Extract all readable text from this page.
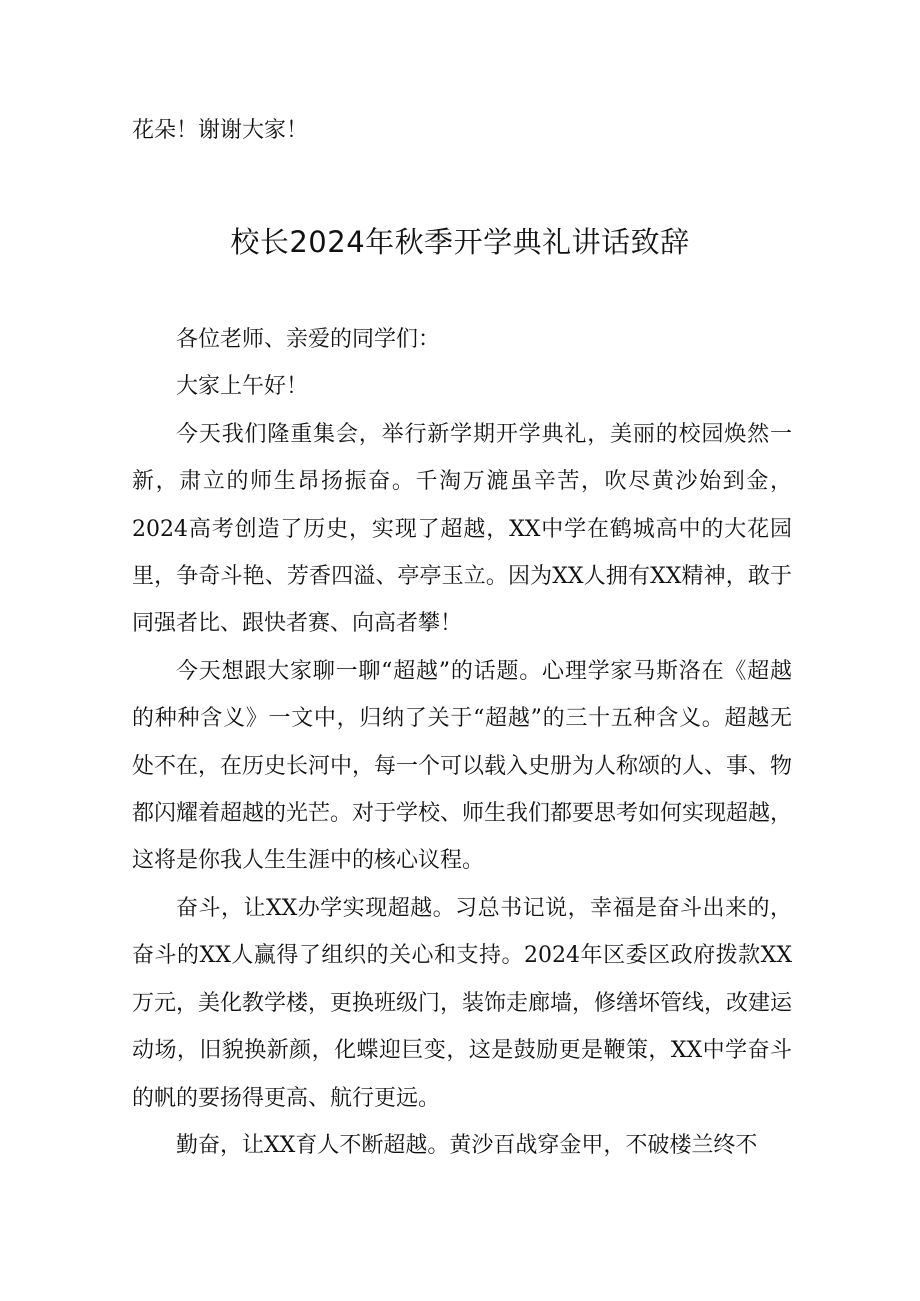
花朵！谢谢大家！
校长2024年秋季开学典礼讲话致辞

各位老师、亲爱的同学们：

大家上午好！

今天我们隆重集会，举行新学期开学典礼，美丽的校园焕然一新，肃立的师生昂扬振奋。千淘万漉虽辛苦，吹尽黄沙始到金，2024高考创造了历史，实现了超越，XX中学在鹤城高中的大花园里，争奇斗艳、芳香四溢、亭亭玉立。因为XX人拥有XX精神，敢于同强者比、跟快者赛、向高者攀！

今天想跟大家聊一聊“超越”的话题。心理学家马斯洛在《超越的种种含义》一文中，归纳了关于“超越”的三十五种含义。超越无处不在，在历史长河中，每一个可以载入史册为人称颂的人、事、物都闪耀着超越的光芒。对于学校、师生我们都要思考如何实现超越，这将是你我人生生涯中的核心议程。

奋斗，让XX办学实现超越。习总书记说，幸福是奋斗出来的，奋斗的XX人赢得了组织的关心和支持。2024年区委区政府拨款XX万元，美化教学楼，更换班级门，装饰走廊墙，修缮坏管线，改建运动场，旧貌换新颜，化蝶迎巨变，这是鼓励更是鞭策，XX中学奋斗的帆的要扬得更高、航行更远。

勤奋，让XX育人不断超越。黄沙百战穿金甲，不破楼兰终不
